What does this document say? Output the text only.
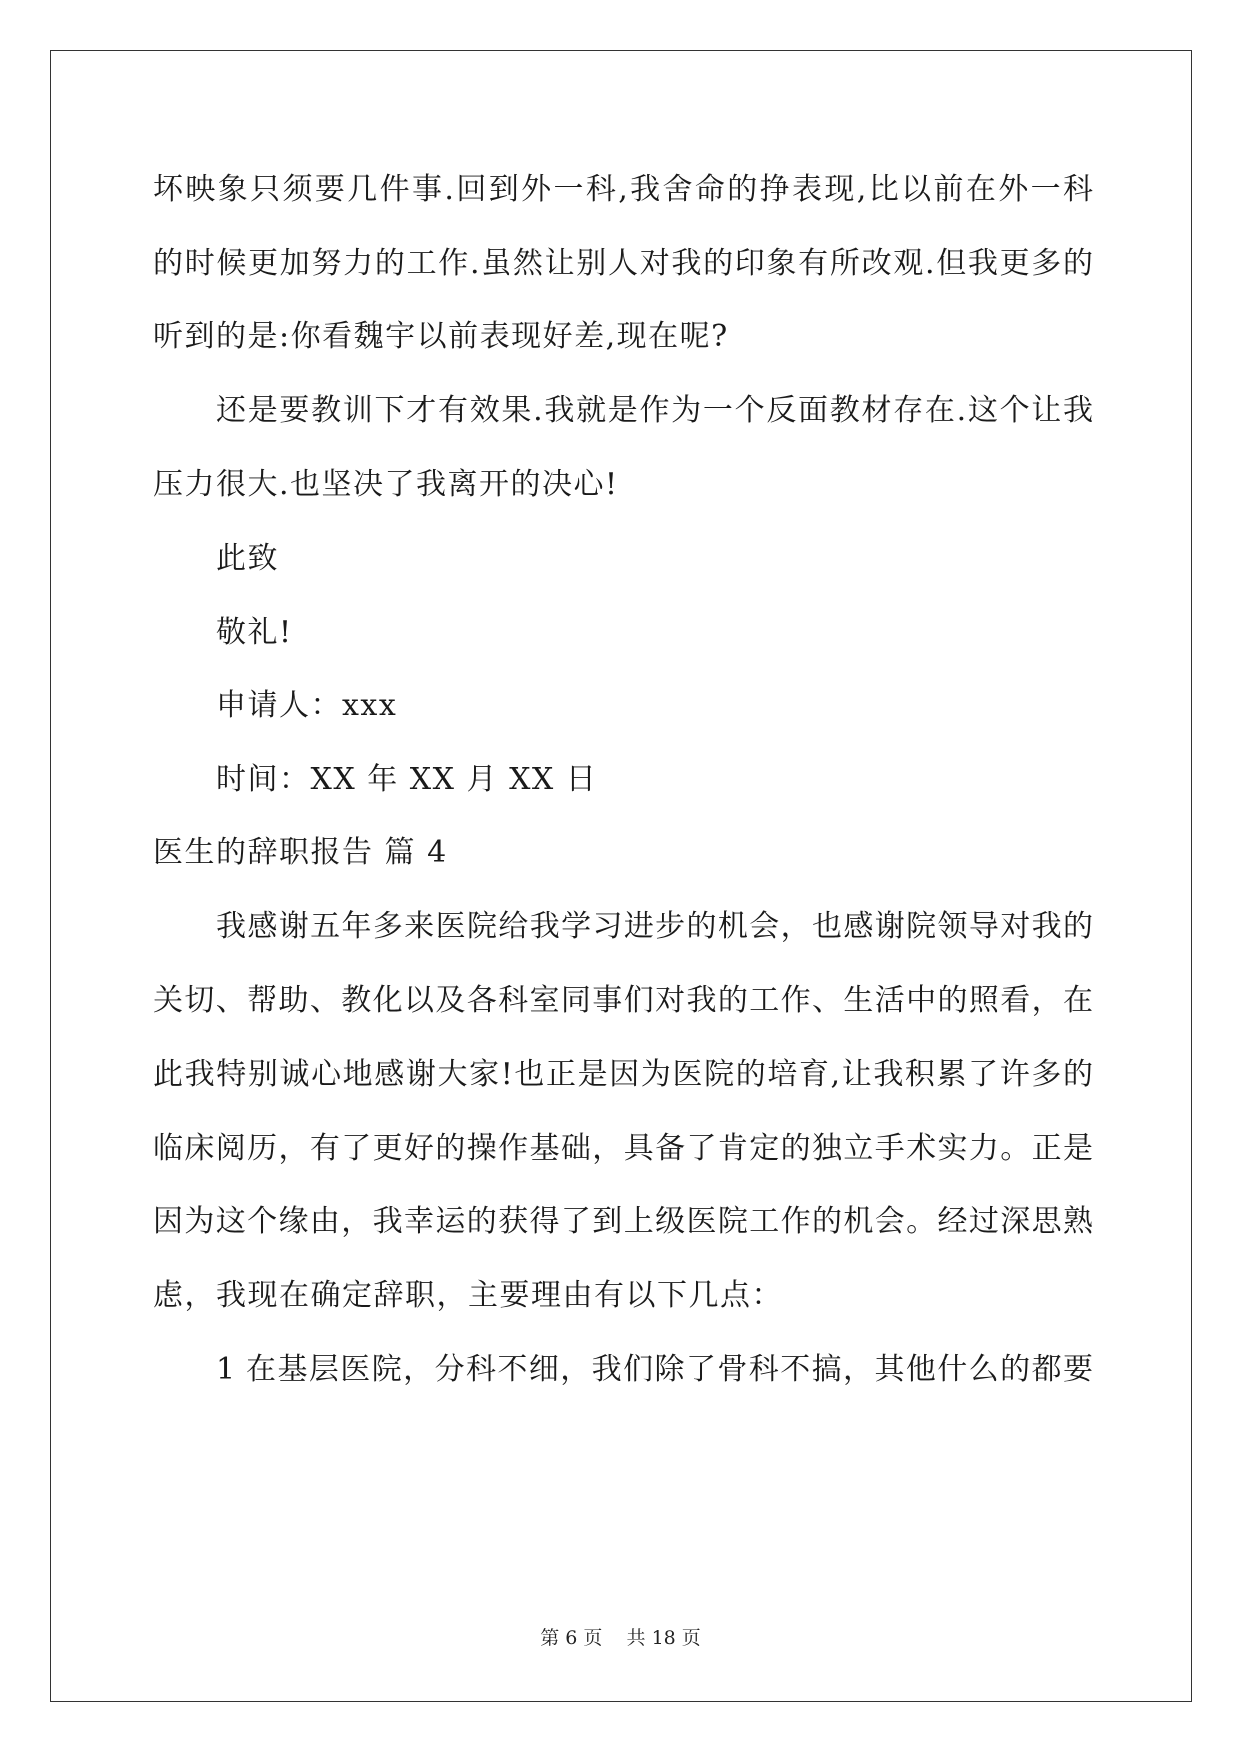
坏映象只须要几件事.回到外一科,我舍命的挣表现,比以前在外一科
的时候更加努力的工作.虽然让别人对我的印象有所改观.但我更多的
听到的是:你看魏宇以前表现好差,现在呢?
还是要教训下才有效果.我就是作为一个反面教材存在.这个让我
压力很大.也坚决了我离开的决心!
此致
敬礼!
申请人：xxx
时间：XX 年 XX 月 XX 日
医生的辞职报告 篇 4
我感谢五年多来医院给我学习进步的机会，也感谢院领导对我的
关切、帮助、教化以及各科室同事们对我的工作、生活中的照看，在
此我特别诚心地感谢大家!也正是因为医院的培育,让我积累了许多的
临床阅历，有了更好的操作基础，具备了肯定的独立手术实力。正是
因为这个缘由，我幸运的获得了到上级医院工作的机会。经过深思熟
虑，我现在确定辞职，主要理由有以下几点：
1 在基层医院，分科不细，我们除了骨科不搞，其他什么的都要
第 6 页    共 18 页
